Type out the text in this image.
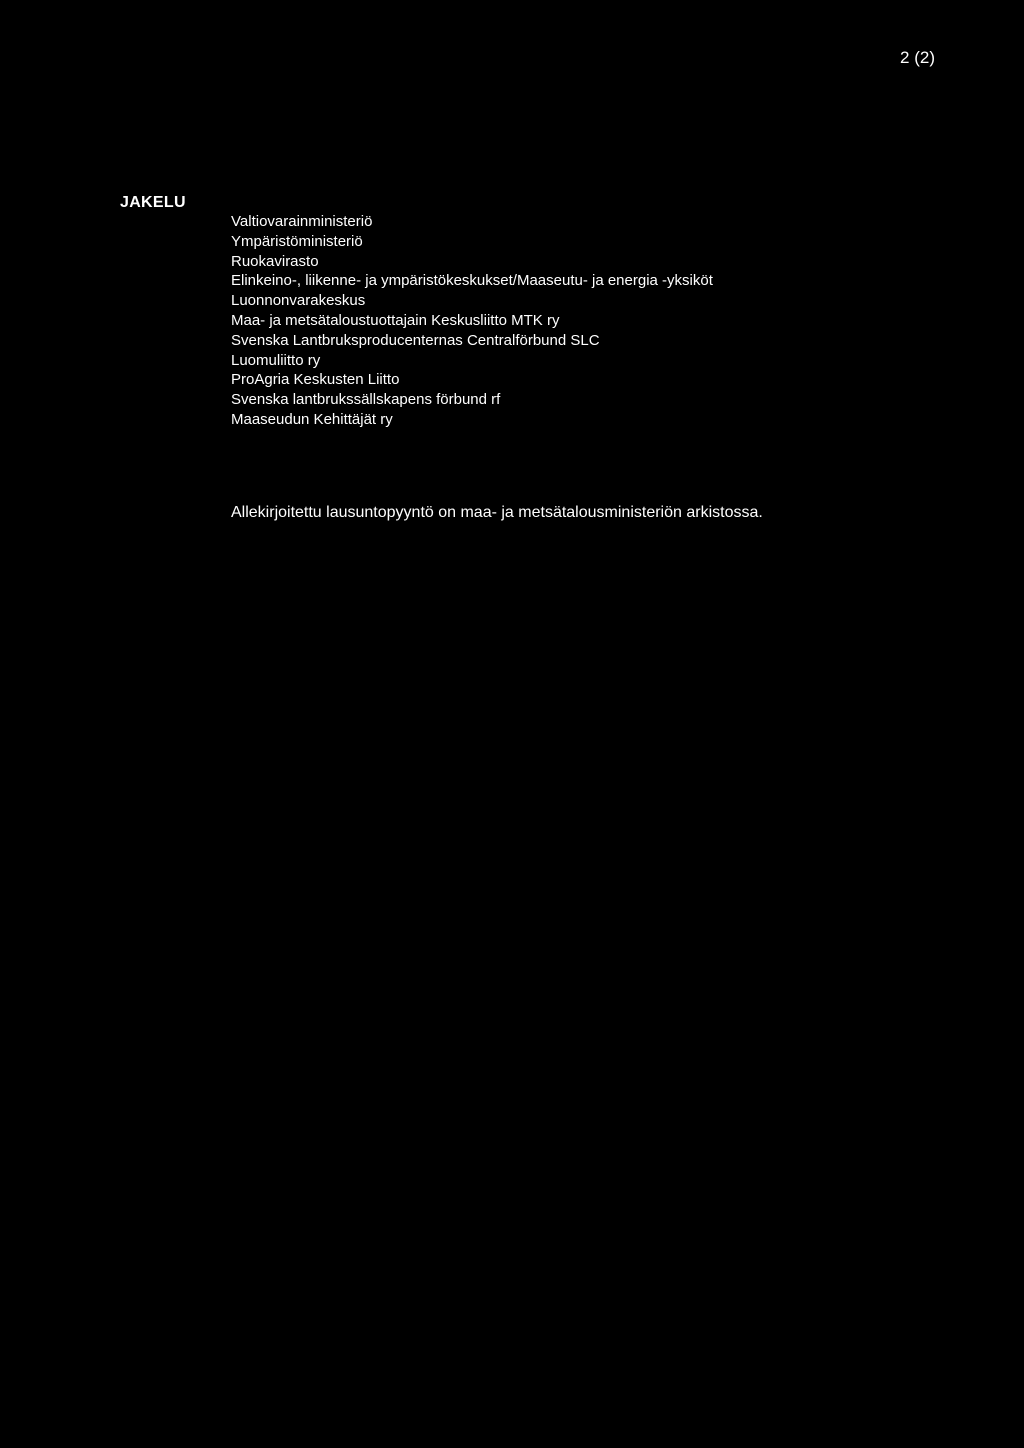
2 (2)
JAKELU
Valtiovarainministeriö
Ympäristöministeriö
Ruokavirasto
Elinkeino-, liikenne- ja ympäristökeskukset/Maaseutu- ja energia -yksiköt
Luonnonvarakeskus
Maa- ja metsätaloustuottajain Keskusliitto MTK ry
Svenska Lantbruksproducenternas Centralförbund SLC
Luomuliitto ry
ProAgria Keskusten Liitto
Svenska lantbrukssällskapens förbund rf
Maaseudun Kehittäjät ry
Allekirjoitettu lausuntopyyntö on maa- ja metsätalousministeriön arkistossa.
